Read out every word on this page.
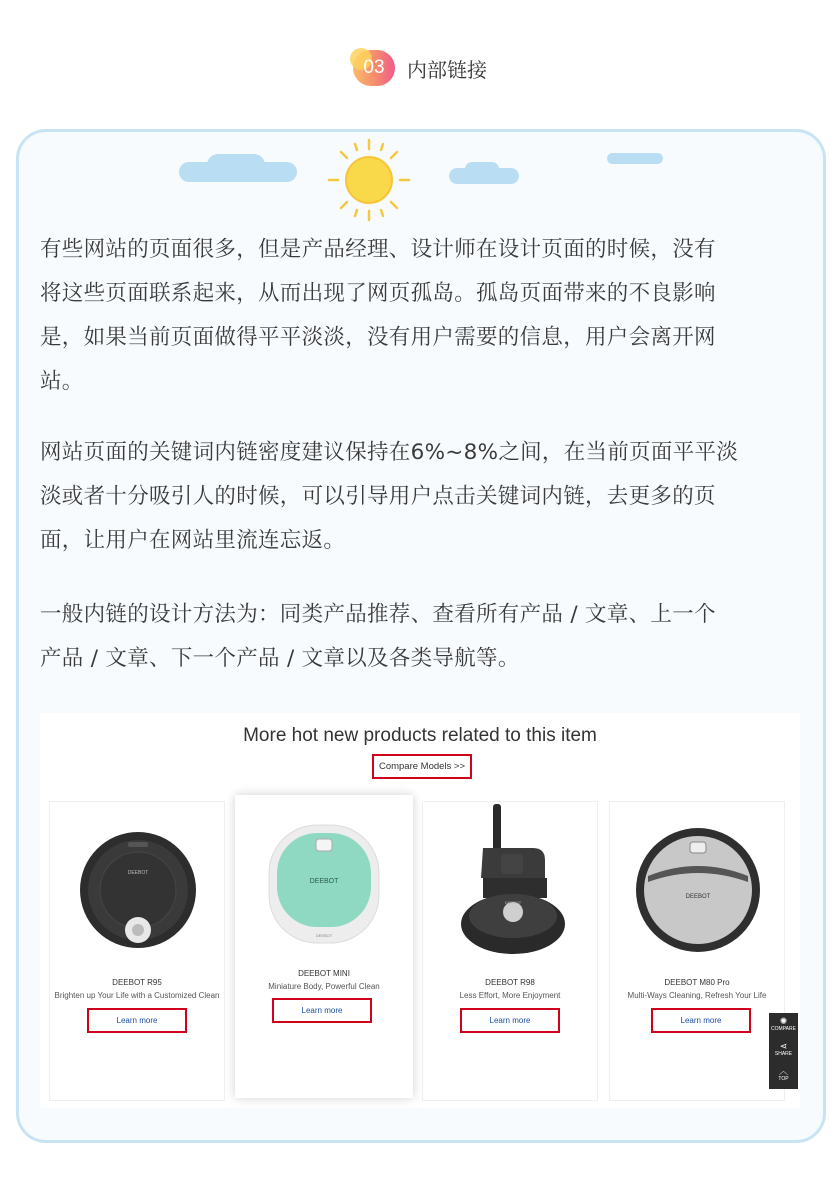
03	内部链接
有些网站的页面很多，但是产品经理、设计师在设计页面的时候，没有
将这些页面联系起来，从而出现了网页孤岛。孤岛页面带来的不良影响
是，如果当前页面做得平平淡淡，没有用户需要的信息，用户会离开网
站。
网站页面的关键词内链密度建议保持在6%~8%之间，在当前页面平平淡
淡或者十分吸引人的时候，可以引导用户点击关键词内链，去更多的页
面，让用户在网站里流连忘返。
一般内链的设计方法为：同类产品推荐、查看所有产品 / 文章、上一个
产品 / 文章、下一个产品 / 文章以及各类导航等。
More hot new products related to this item
Compare Models >>
DEEBOT
DEEBOT R95
Brighten up Your Life with a Customized Clean
Learn more
DEEBOT
DEEBOT
DEEBOT MINI
Miniature Body, Powerful Clean
Learn more
DEEBOT
DEEBOT R98
Less Effort, More Enjoyment
Learn more
DEEBOT
DEEBOT M80 Pro
Multi-Ways Cleaning, Refresh Your Life
Learn more	✺
COMPARE
⋖
SHARE
︿
TOP
